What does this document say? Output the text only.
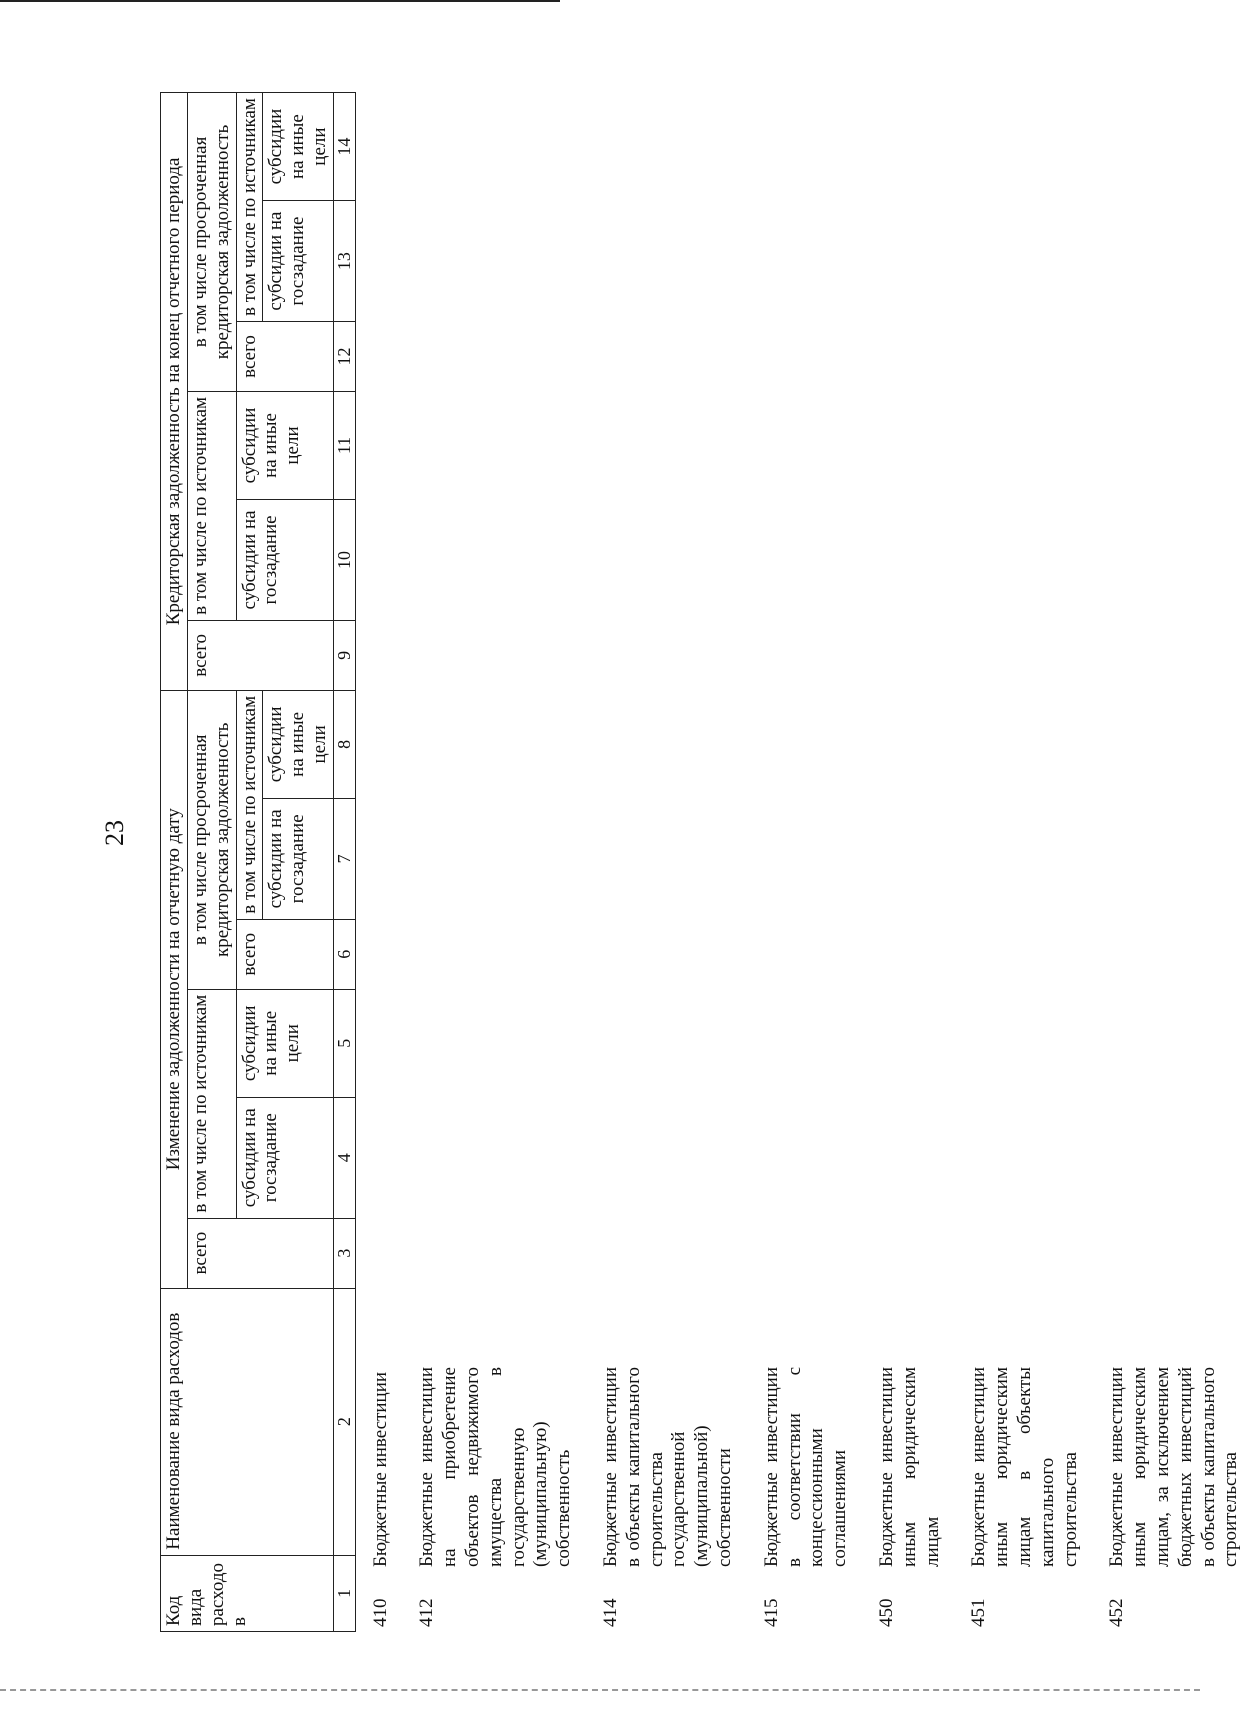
23
Код вида расходов	Наименование вида расходов	Изменение задолженности на отчетную дату						Кредиторская задолженность на конец отчетного периода					
		всего	в том числе по источникам		в том числе просроченная кредиторская задолженность			всего	в том числе по источникам		в том числе просроченная кредиторская задолженность		
			субсидии на госзадание	субсидии на иные цели	всего	в том числе по источникам			субсидии на госзадание	субсидии на иные цели	всего	в том числе по источникам	
						субсидии на госзадание	субсидии на иные цели					субсидии на госзадание	субсидии на иные цели
1	2	3	4	5	6	7	8	9	10	11	12	13	14
410	Бюджетные инвестиции	
412	Бюджетные инвестиции на приобретение объектов недвижимого имущества в государственную (муниципальную) собственность	
414	Бюджетные инвестиции в объекты капитального строительства государственной (муниципальной) собственности	
415	Бюджетные инвестиции в соответствии с концессионными соглашениями	
450	Бюджетные инвестиции иным юридическим лицам	
451	Бюджетные инвестиции иным юридическим лицам в объекты капитального строительства	
452	Бюджетные инвестиции иным юридическим лицам, за исключением бюджетных инвестиций в объекты капитального строительства	
